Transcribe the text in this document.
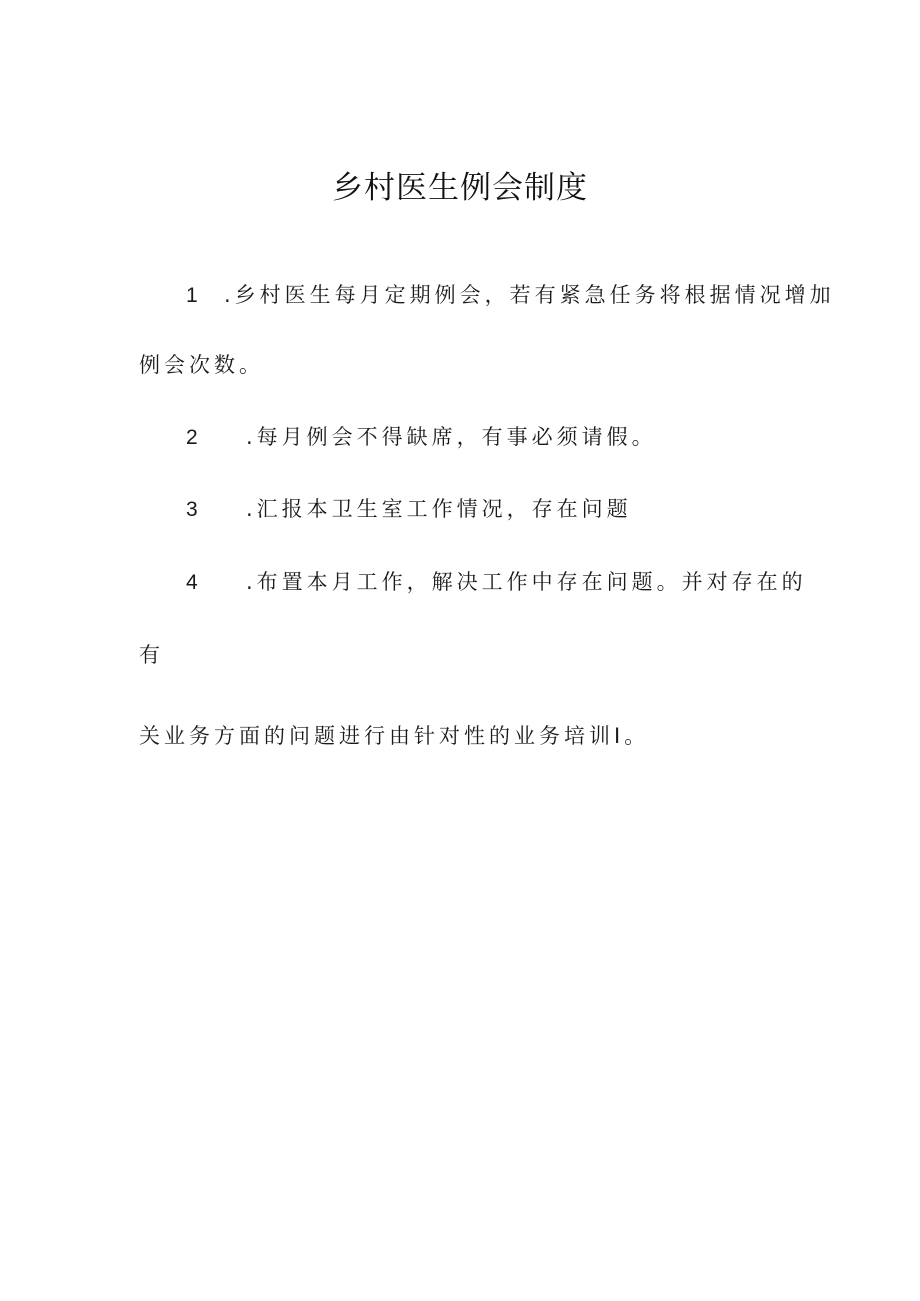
乡村医生例会制度
1 .乡村医生每月定期例会，若有紧急任务将根据情况增加
例会次数。
2 .每月例会不得缺席，有事必须请假。
3 .汇报本卫生室工作情况，存在问题
4 .布置本月工作，解决工作中存在问题。并对存在的
有
关业务方面的问题进行由针对性的业务培训I。
